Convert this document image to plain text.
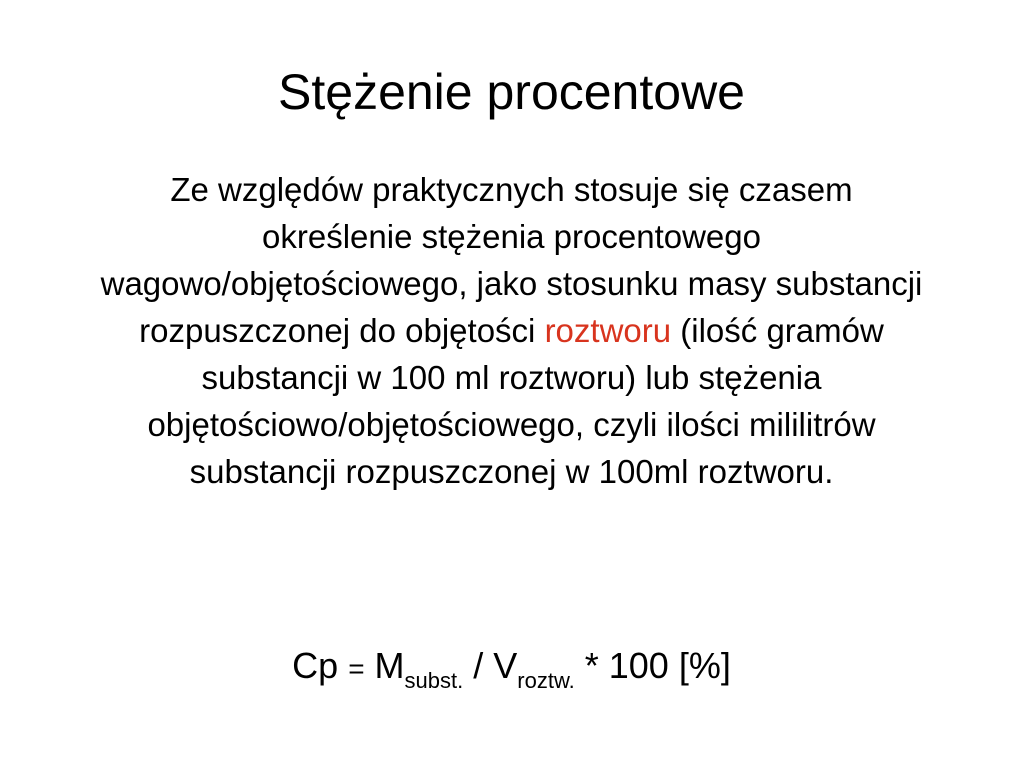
Stężenie procentowe

Ze względów praktycznych stosuje się czasem określenie stężenia procentowego wagowo/objętościowego, jako stosunku masy substancji rozpuszczonej do objętości roztworu (ilość gramów substancji w 100 ml roztworu) lub stężenia objętościowo/objętościowego, czyli ilości mililitrów substancji rozpuszczonej w 100ml roztworu.

$Cp = M_{subst.} / V_{roztw.} * 100$ [%]
